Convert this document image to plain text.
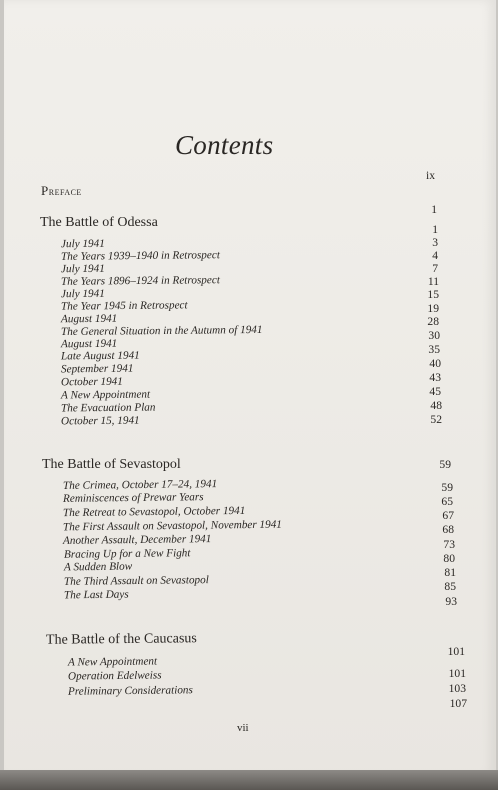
Contents
Preface
ix
1
The Battle of Odessa
July 1941
The Years 1939–1940 in Retrospect
July 1941
The Years 1896–1924 in Retrospect
July 1941
The Year 1945 in Retrospect
August 1941
The General Situation in the Autumn of 1941
August 1941
Late August 1941
September 1941
October 1941
A New Appointment
The Evacuation Plan
October 15, 1941
1
3
4
7
11
15
19
28
30
35
40
43
45
48
52
The Battle of Sevastopol	59
The Crimea, October 17–24, 1941
Reminiscences of Prewar Years
The Retreat to Sevastopol, October 1941
The First Assault on Sevastopol, November 1941
Another Assault, December 1941
Bracing Up for a New Fight
A Sudden Blow
The Third Assault on Sevastopol
The Last Days
59
65
67
68
73
80
81
85
93
The Battle of the Caucasus
101
A New Appointment
Operation Edelweiss
Preliminary Considerations
101
103
107
vii
